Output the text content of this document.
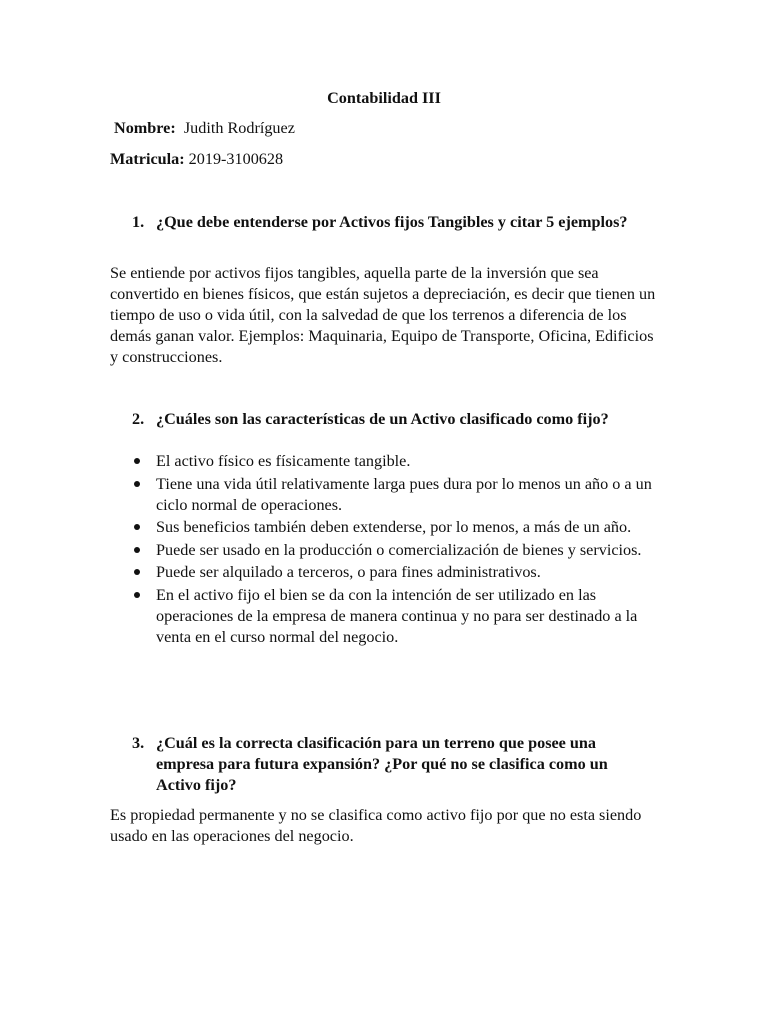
Contabilidad III
Nombre: Judith Rodríguez
Matricula: 2019-3100628
1. ¿Que debe entenderse por Activos fijos Tangibles y citar 5 ejemplos?
Se entiende por activos fijos tangibles, aquella parte de la inversión que sea convertido en bienes físicos, que están sujetos a depreciación, es decir que tienen un tiempo de uso o vida útil, con la salvedad de que los terrenos a diferencia de los demás ganan valor. Ejemplos: Maquinaria, Equipo de Transporte, Oficina, Edificios y construcciones.
2. ¿Cuáles son las características de un Activo clasificado como fijo?
El activo físico es físicamente tangible.
Tiene una vida útil relativamente larga pues dura por lo menos un año o a un ciclo normal de operaciones.
Sus beneficios también deben extenderse, por lo menos, a más de un año.
Puede ser usado en la producción o comercialización de bienes y servicios.
Puede ser alquilado a terceros, o para fines administrativos.
En el activo fijo el bien se da con la intención de ser utilizado en las operaciones de la empresa de manera continua y no para ser destinado a la venta en el curso normal del negocio.
3. ¿Cuál es la correcta clasificación para un terreno que posee una empresa para futura expansión? ¿Por qué no se clasifica como un Activo fijo?
Es propiedad permanente y no se clasifica como activo fijo por que no esta siendo usado en las operaciones del negocio.
